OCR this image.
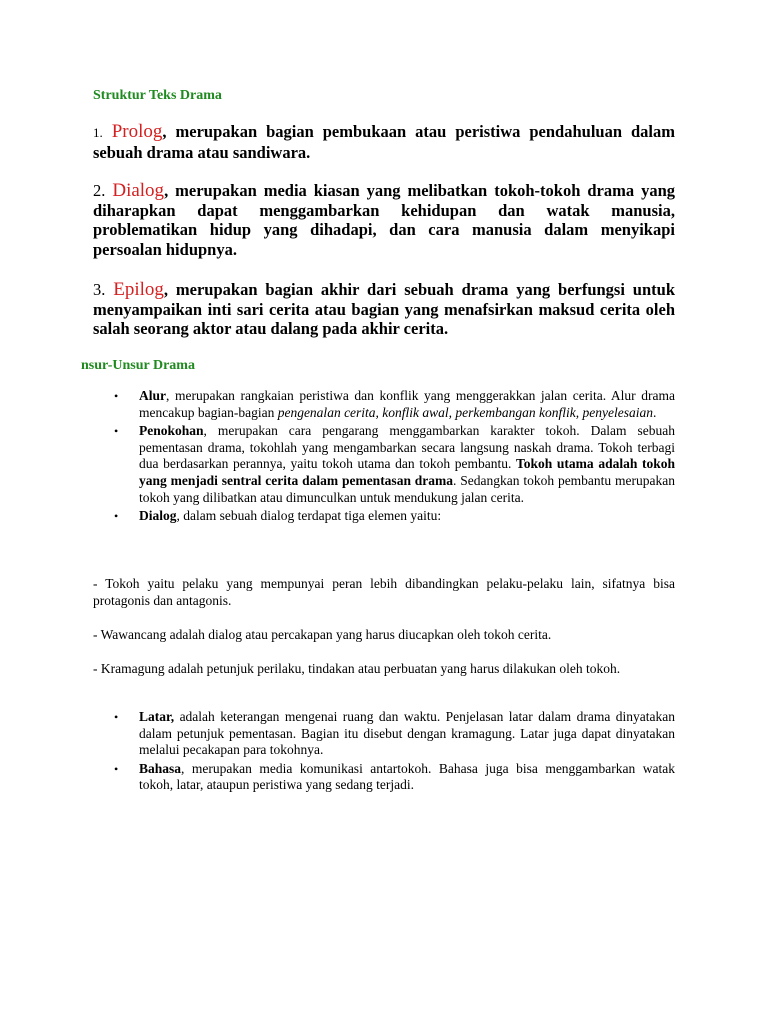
Struktur Teks Drama

1. Prolog, merupakan bagian pembukaan atau peristiwa pendahuluan dalam sebuah drama atau sandiwara.

2. Dialog, merupakan media kiasan yang melibatkan tokoh-tokoh drama yang diharapkan dapat menggambarkan kehidupan dan watak manusia, problematikan hidup yang dihadapi, dan cara manusia dalam menyikapi persoalan hidupnya.

3. Epilog, merupakan bagian akhir dari sebuah drama yang berfungsi untuk menyampaikan inti sari cerita atau bagian yang menafsirkan maksud cerita oleh salah seorang aktor atau dalang pada akhir cerita.

nsur-Unsur Drama

• Alur, merupakan rangkaian peristiwa dan konflik yang menggerakkan jalan cerita. Alur drama mencakup bagian-bagian pengenalan cerita, konflik awal, perkembangan konflik, penyelesaian.
• Penokohan, merupakan cara pengarang menggambarkan karakter tokoh. Dalam sebuah pementasan drama, tokohlah yang mengambarkan secara langsung naskah drama. Tokoh terbagi dua berdasarkan perannya, yaitu tokoh utama dan tokoh pembantu. Tokoh utama adalah tokoh yang menjadi sentral cerita dalam pementasan drama. Sedangkan tokoh pembantu merupakan tokoh yang dilibatkan atau dimunculkan untuk mendukung jalan cerita.
• Dialog, dalam sebuah dialog terdapat tiga elemen yaitu:

- Tokoh yaitu pelaku yang mempunyai peran lebih dibandingkan pelaku-pelaku lain, sifatnya bisa protagonis dan antagonis.

- Wawancang adalah dialog atau percakapan yang harus diucapkan oleh tokoh cerita.

- Kramagung adalah petunjuk perilaku, tindakan atau perbuatan yang harus dilakukan oleh tokoh.

• Latar, adalah keterangan mengenai ruang dan waktu. Penjelasan latar dalam drama dinyatakan dalam petunjuk pementasan. Bagian itu disebut dengan kramagung. Latar juga dapat dinyatakan melalui pecakapan para tokohnya.
• Bahasa, merupakan media komunikasi antartokoh. Bahasa juga bisa menggambarkan watak tokoh, latar, ataupun peristiwa yang sedang terjadi.
